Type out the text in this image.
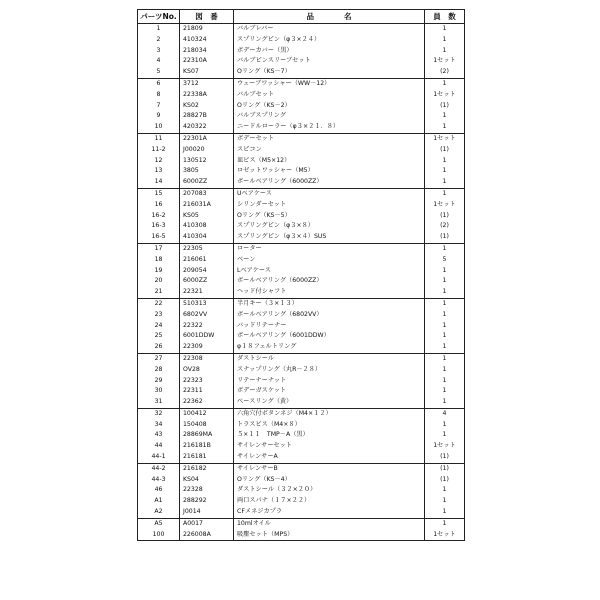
パーツNo.	図　番	品　　　　名	員　数
1	21809	バルブレバー	1
2	410324	スプリングピン（φ３×２４）	1
3	218034	ボデーカバー（黒）	1
4	22310A	バルブピンスリーブセット	1セット
5	KS07	Oリング（KS－7）	(2)
6	3712	ウェーブワッシャー（WW－12）	1
8	22338A	バルブセット	1セット
7	KS02	Oリング（KS－2）	(1)
9	28827B	バルブスプリング	1
10	420322	ニードルローラー（φ３×２１．８）	1
11	22301A	ボデーセット	1セット
11-2	J00020	スピコン	(1)
12	130512	皿ビス（M5×12）	1
13	3805	ロゼットワッシャー（M5）	1
14	6000ZZ	ボールベアリング（6000ZZ）	1
15	207083	Uベアケース	1
16	216031A	シリンダーセット	1セット
16-2	KS05	Oリング（KS－5）	(1)
16-3	410308	スプリングピン（φ３×８）	(2)
16-5	410304	スプリングピン（φ３×４）SUS	(1)
17	22305	ローター	1
18	216061	ベーン	5
19	209054	Lベアケース	1
20	6000ZZ	ボールベアリング（6000ZZ）	1
21	22321	ヘッド付シャフト	1
22	510313	半月キー（３×１３）	1
23	6802VV	ボールベアリング（6802VV）	1
24	22322	バッドリテーナー	1
25	6001DDW	ボールベアリング（6001DDW）	1
26	22309	φ１８フェルトリング	1
27	22308	ダストシール	1
28	OV28	スナップリング（丸R－２８）	1
29	22323	リテーナーナット	1
30	22311	ボデーガスケット	1
31	22362	ベースリング（黄）	1
32	100412	六角穴付ボタンネジ（M4×１２）	4
34	150408	トラスビス（M4×８）	1
43	28869MA	５×１１　TMP－A（黒）	1
44	216181B	サイレンサーセット	1セット
44-1	216181	サイレンサーA	(1)
44-2	216182	サイレンサーB	(1)
44-3	KS04	Oリング（KS－4）	(1)
46	22328	ダストシール（３２×２０）	1
A1	288292	両口スパナ（１７×２２）	1
A2	J0014	CFメネジカプラ	1
A5	A0017	10mlオイル	1
100	226008A	吸塵セット（MPS）	1セット
